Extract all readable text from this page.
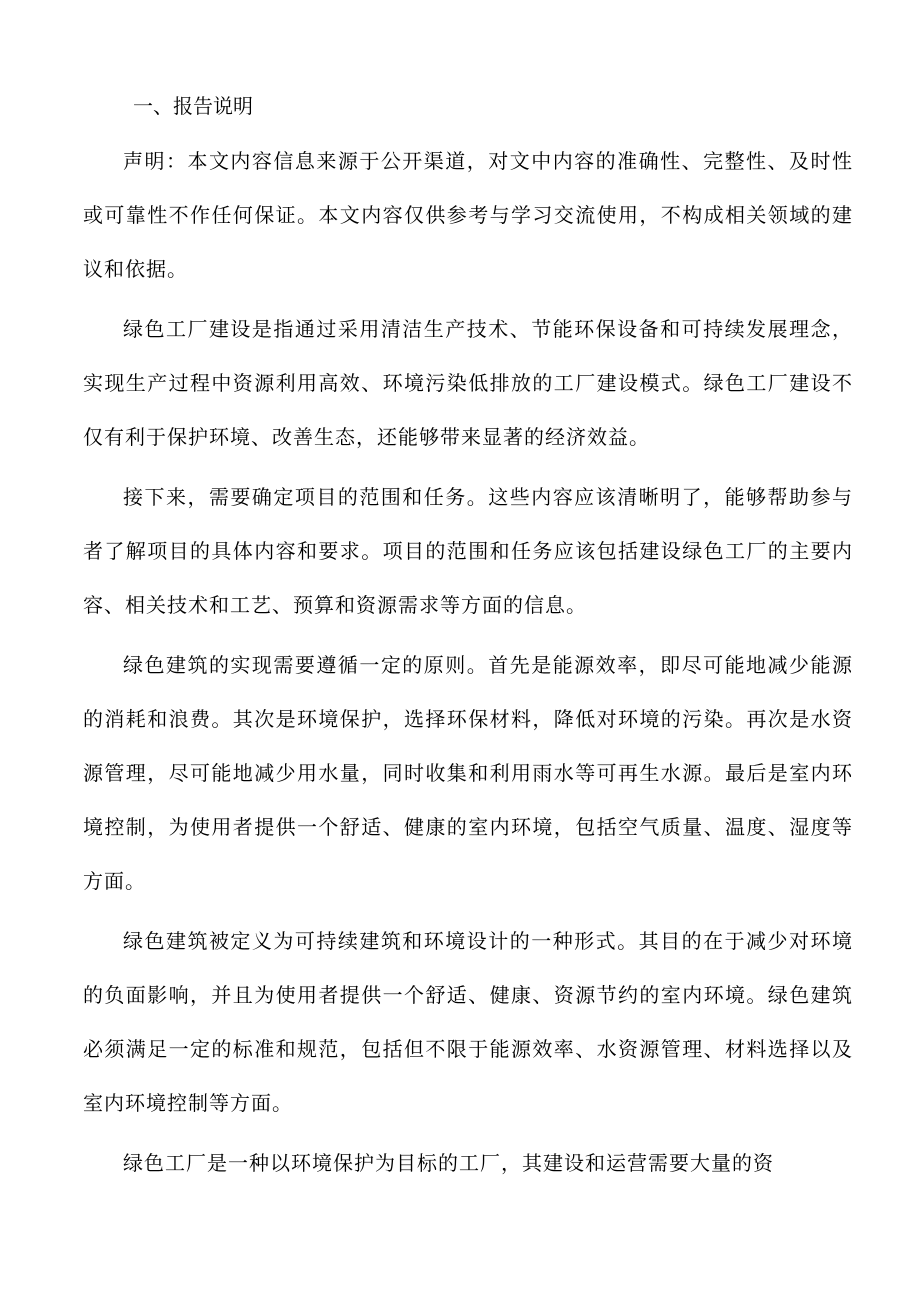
一、报告说明

声明：本文内容信息来源于公开渠道，对文中内容的准确性、完整性、及时性或可靠性不作任何保证。本文内容仅供参考与学习交流使用，不构成相关领域的建议和依据。

绿色工厂建设是指通过采用清洁生产技术、节能环保设备和可持续发展理念，实现生产过程中资源利用高效、环境污染低排放的工厂建设模式。绿色工厂建设不仅有利于保护环境、改善生态，还能够带来显著的经济效益。

接下来，需要确定项目的范围和任务。这些内容应该清晰明了，能够帮助参与者了解项目的具体内容和要求。项目的范围和任务应该包括建设绿色工厂的主要内容、相关技术和工艺、预算和资源需求等方面的信息。

绿色建筑的实现需要遵循一定的原则。首先是能源效率，即尽可能地减少能源的消耗和浪费。其次是环境保护，选择环保材料，降低对环境的污染。再次是水资源管理，尽可能地减少用水量，同时收集和利用雨水等可再生水源。最后是室内环境控制，为使用者提供一个舒适、健康的室内环境，包括空气质量、温度、湿度等方面。

绿色建筑被定义为可持续建筑和环境设计的一种形式。其目的在于减少对环境的负面影响，并且为使用者提供一个舒适、健康、资源节约的室内环境。绿色建筑必须满足一定的标准和规范，包括但不限于能源效率、水资源管理、材料选择以及室内环境控制等方面。

绿色工厂是一种以环境保护为目标的工厂，其建设和运营需要大量的资
